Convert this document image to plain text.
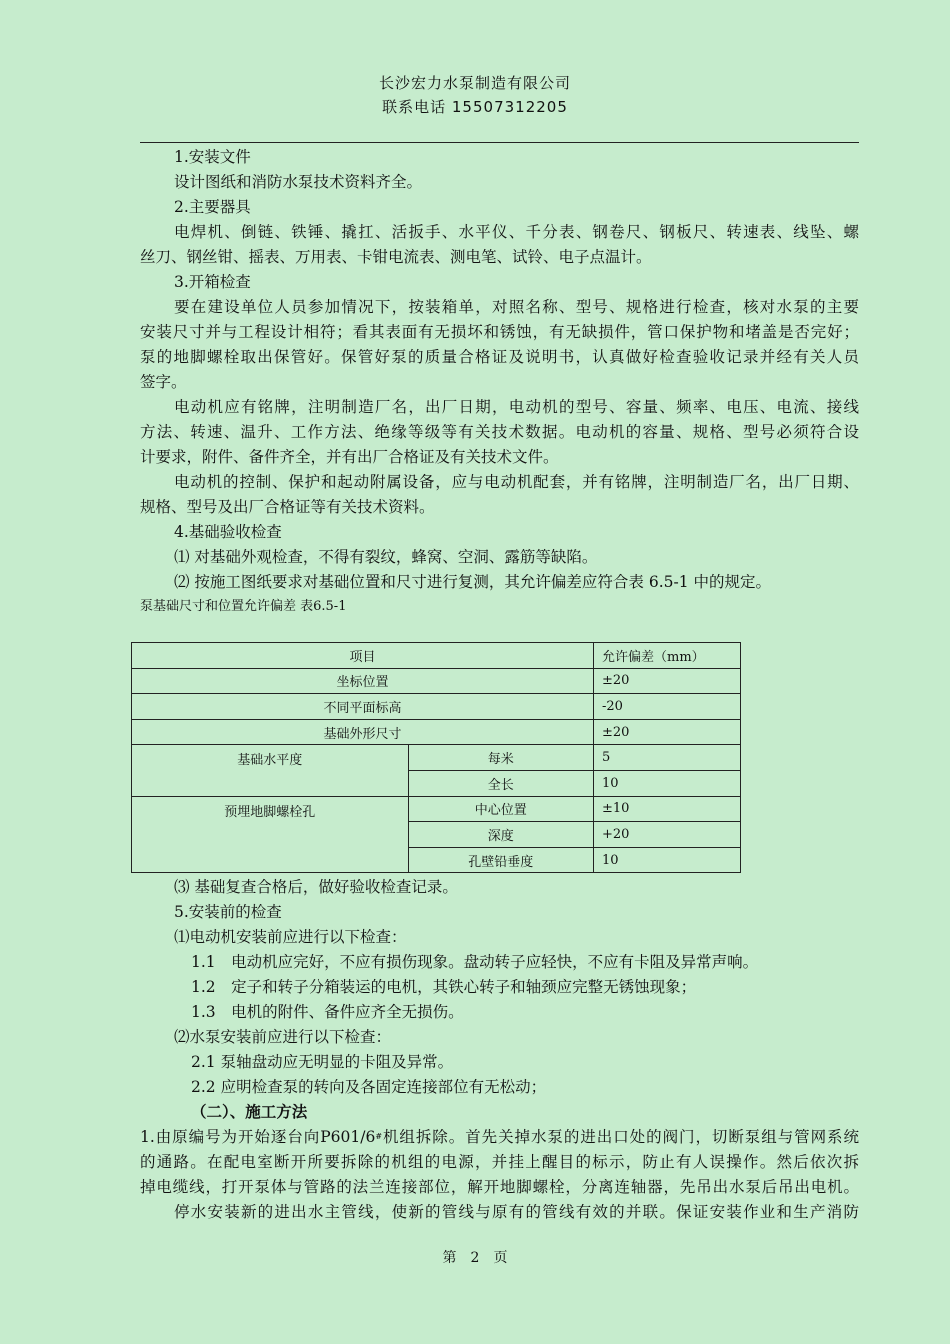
长沙宏力水泵制造有限公司
联系电话 15507312205
1.安装文件
设计图纸和消防水泵技术资料齐全。
2.主要器具
电焊机、倒链、铁锤、撬扛、活扳手、水平仪、千分表、钢卷尺、钢板尺、转速表、线坠、螺
丝刀、钢丝钳、摇表、万用表、卡钳电流表、测电笔、试铃、电子点温计。
3.开箱检查
要在建设单位人员参加情况下，按装箱单，对照名称、型号、规格进行检查，核对水泵的主要
安装尺寸并与工程设计相符；看其表面有无损坏和锈蚀，有无缺损件，管口保护物和堵盖是否完好；
泵的地脚螺栓取出保管好。保管好泵的质量合格证及说明书，认真做好检查验收记录并经有关人员
签字。
电动机应有铭牌，注明制造厂名，出厂日期，电动机的型号、容量、频率、电压、电流、接线
方法、转速、温升、工作方法、绝缘等级等有关技术数据。电动机的容量、规格、型号必须符合设
计要求，附件、备件齐全，并有出厂合格证及有关技术文件。
电动机的控制、保护和起动附属设备，应与电动机配套，并有铭牌，注明制造厂名，出厂日期、
规格、型号及出厂合格证等有关技术资料。
4.基础验收检查
⑴ 对基础外观检查，不得有裂纹，蜂窝、空洞、露筋等缺陷。
⑵ 按施工图纸要求对基础位置和尺寸进行复测，其允许偏差应符合表 6.5-1 中的规定。
泵基础尺寸和位置允许偏差 表6.5-1
项目		允许偏差（mm）
坐标位置		±20
不同平面标高		-20
基础外形尺寸		±20
基础水平度	每米	5
	全长	10
预埋地脚螺栓孔	中心位置	±10
	深度	+20
	孔壁铅垂度	10
⑶ 基础复查合格后，做好验收检查记录。
5.安装前的检查
⑴电动机安装前应进行以下检查：
1.1　电动机应完好，不应有损伤现象。盘动转子应轻快，不应有卡阻及异常声响。
1.2　定子和转子分箱装运的电机，其铁心转子和轴颈应完整无锈蚀现象；
1.3　电机的附件、备件应齐全无损伤。
⑵水泵安装前应进行以下检查：
2.1 泵轴盘动应无明显的卡阻及异常。
2.2 应明检查泵的转向及各固定连接部位有无松动；
（二）、施工方法
1.由原编号为开始逐台向P601/6#机组拆除。首先关掉水泵的进出口处的阀门，切断泵组与管网系统
的通路。在配电室断开所要拆除的机组的电源，并挂上醒目的标示，防止有人误操作。然后依次拆
掉电缆线，打开泵体与管路的法兰连接部位，解开地脚螺栓，分离连轴器，先吊出水泵后吊出电机。
停水安装新的进出水主管线，使新的管线与原有的管线有效的并联。保证安装作业和生产消防
第　2　页
